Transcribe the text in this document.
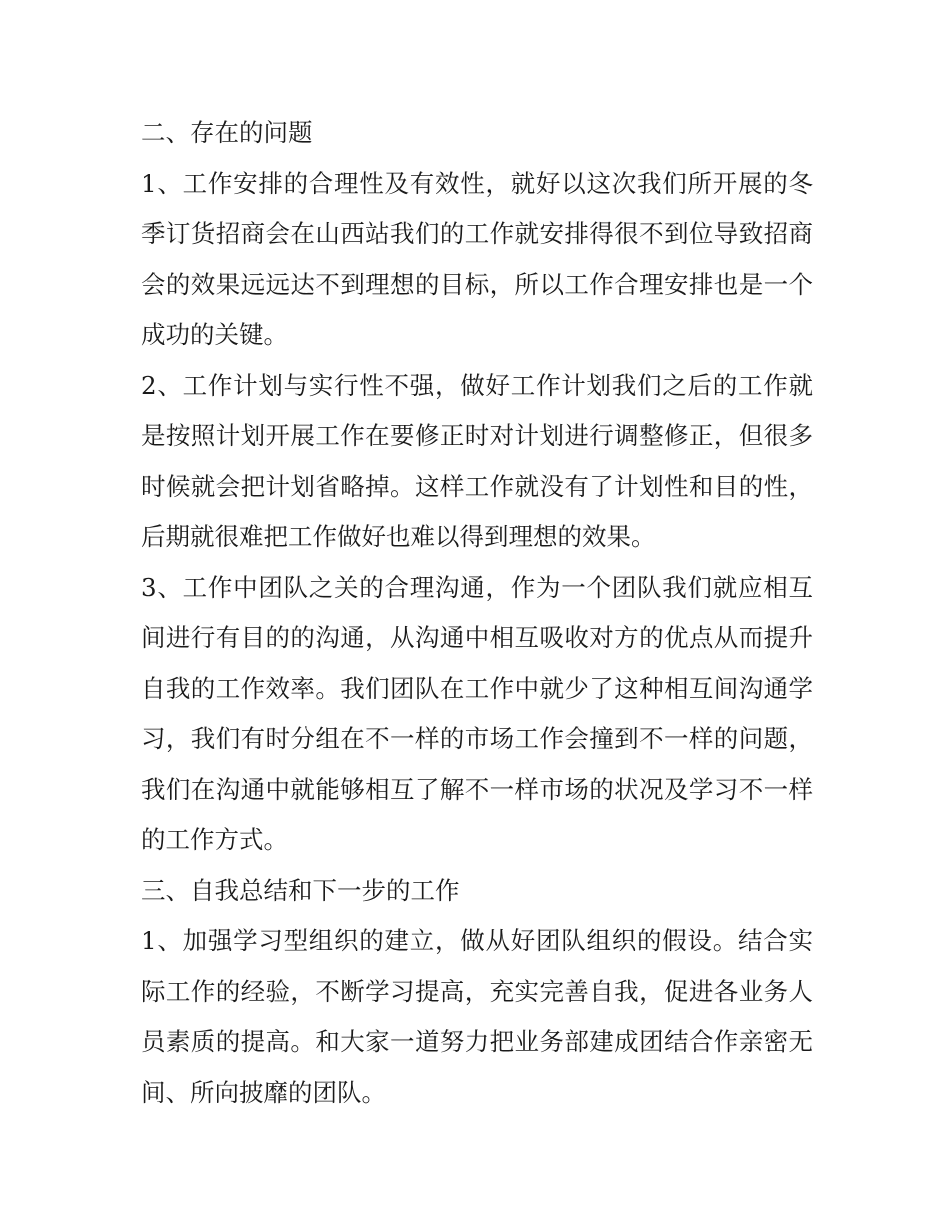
二、存在的问题

1、工作安排的合理性及有效性，就好以这次我们所开展的冬季订货招商会在山西站我们的工作就安排得很不到位导致招商会的效果远远达不到理想的目标，所以工作合理安排也是一个成功的关键。

2、工作计划与实行性不强，做好工作计划我们之后的工作就是按照计划开展工作在要修正时对计划进行调整修正，但很多时候就会把计划省略掉。这样工作就没有了计划性和目的性，后期就很难把工作做好也难以得到理想的效果。

3、工作中团队之关的合理沟通，作为一个团队我们就应相互间进行有目的的沟通，从沟通中相互吸收对方的优点从而提升自我的工作效率。我们团队在工作中就少了这种相互间沟通学习，我们有时分组在不一样的市场工作会撞到不一样的问题，我们在沟通中就能够相互了解不一样市场的状况及学习不一样的工作方式。

三、自我总结和下一步的工作

1、加强学习型组织的建立，做从好团队组织的假设。结合实际工作的经验，不断学习提高，充实完善自我，促进各业务人员素质的提高。和大家一道努力把业务部建成团结合作亲密无间、所向披靡的团队。
